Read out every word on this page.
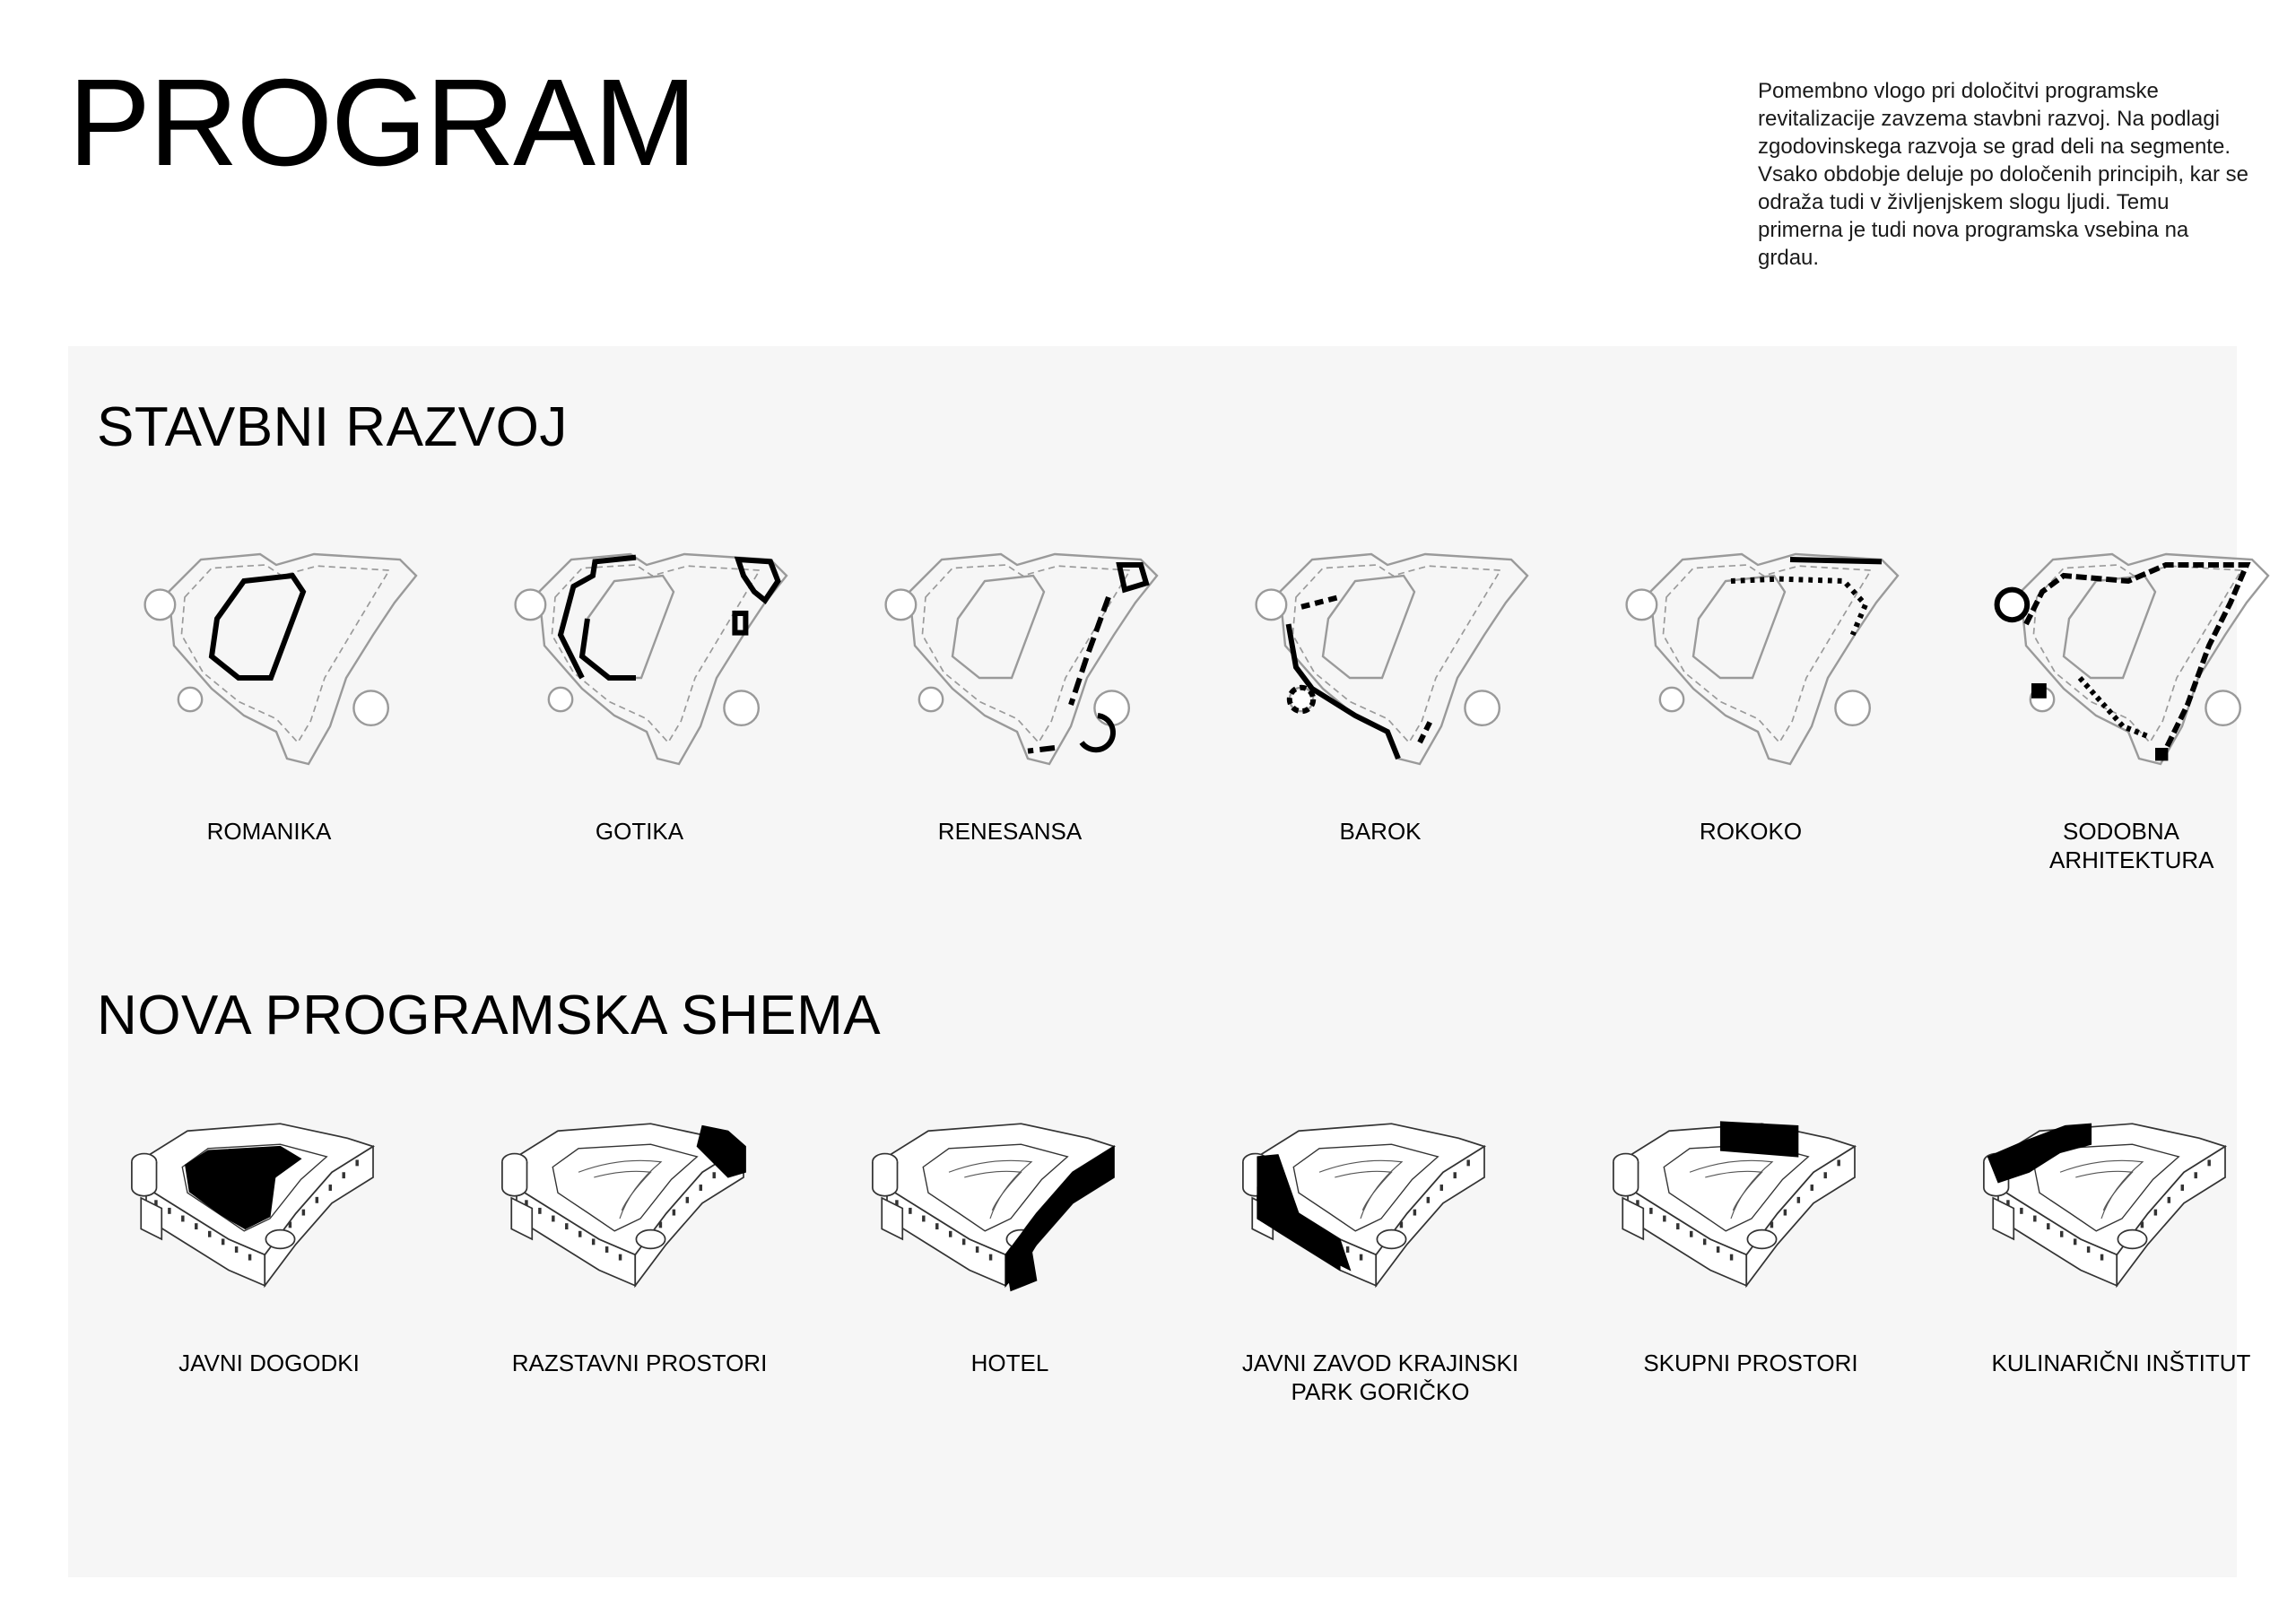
PROGRAM	Pomembno vlogo pri določitvi programske revitalizacije zavzema stavbni razvoj. Na podlagi zgodovinskega razvoja se grad deli na segmente. Vsako obdobje deluje po določenih principih, kar se odraža tudi v življenjskem slogu ljudi. Temu primerna je tudi nova programska vsebina na grdau.

STAVBNI RAZVOJ
ROMANIKA	GOTIKA	RENESANSA	BAROK	ROKOKO	SODOBNA ARHITEKTURA
NOVA PROGRAMSKA SHEMA
JAVNI DOGODKI	RAZSTAVNI PROSTORI	HOTEL	JAVNI ZAVOD KRAJINSKI PARK GORIČKO
SKUPNI PROSTORI	KULINARIČNI INŠTITUT
